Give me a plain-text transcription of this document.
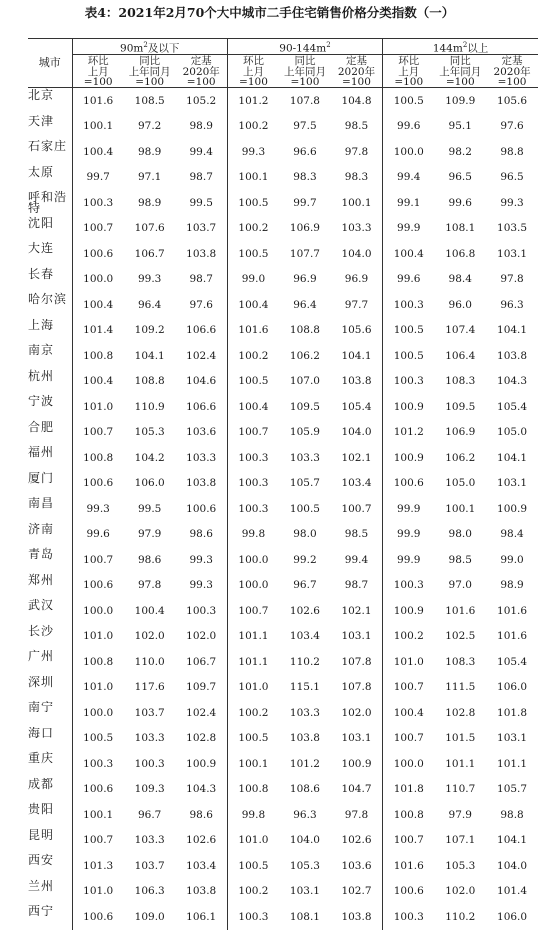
表4：2021年2月70个大中城市二手住宅销售价格分类指数（一）
城市	$90m^2$及以下			$90-144m^2$			$144m^2$以上		
	环比	同比	定基	环比	同比	定基	环比	同比	定基
	上月	上年同月	2020年	上月	上年同月	2020年	上月	上年同月	2020年
	=100	=100	=100	=100	=100	=100	=100	=100	=100
北京	101.6	108.5	105.2	101.2	107.8	104.8	100.5	109.9	105.6
天津	100.1	97.2	98.9	100.2	97.5	98.5	99.6	95.1	97.6
石家庄	100.4	98.9	99.4	99.3	96.6	97.8	100.0	98.2	98.8
太原	99.7	97.1	98.7	100.1	98.3	98.3	99.4	96.5	96.5
呼和浩特	100.3	98.9	99.5	100.5	99.7	100.1	99.1	99.6	99.3
沈阳	100.7	107.6	103.7	100.2	106.9	103.3	99.9	108.1	103.5
大连	100.6	106.7	103.8	100.5	107.7	104.0	100.4	106.8	103.1
长春	100.0	99.3	98.7	99.0	96.9	96.9	99.6	98.4	97.8
哈尔滨	100.4	96.4	97.6	100.4	96.4	97.7	100.3	96.0	96.3
上海	101.4	109.2	106.6	101.6	108.8	105.6	100.5	107.4	104.1
南京	100.8	104.1	102.4	100.2	106.2	104.1	100.5	106.4	103.8
杭州	100.4	108.8	104.6	100.5	107.0	103.8	100.3	108.3	104.3
宁波	101.0	110.9	106.6	100.4	109.5	105.4	100.9	109.5	105.4
合肥	100.7	105.3	103.6	100.7	105.9	104.0	101.2	106.9	105.0
福州	100.8	104.2	103.3	100.3	103.3	102.1	100.9	106.2	104.1
厦门	100.6	106.0	103.8	100.3	105.7	103.4	100.6	105.0	103.1
南昌	99.3	99.5	100.6	100.3	100.5	100.7	99.9	100.1	100.9
济南	99.6	97.9	98.6	99.8	98.0	98.5	99.9	98.0	98.4
青岛	100.7	98.6	99.3	100.0	99.2	99.4	99.9	98.5	99.0
郑州	100.6	97.8	99.3	100.0	96.7	98.7	100.3	97.0	98.9
武汉	100.0	100.4	100.3	100.7	102.6	102.1	100.9	101.6	101.6
长沙	101.0	102.0	102.0	101.1	103.4	103.1	100.2	102.5	101.6
广州	100.8	110.0	106.7	101.1	110.2	107.8	101.0	108.3	105.4
深圳	101.0	117.6	109.7	101.0	115.1	107.8	100.7	111.5	106.0
南宁	100.0	103.7	102.4	100.2	103.3	102.0	100.4	102.8	101.8
海口	100.5	103.3	102.8	100.5	103.8	103.1	100.7	101.5	103.1
重庆	100.3	100.3	100.9	100.1	101.2	100.9	100.0	101.1	101.1
成都	100.6	109.3	104.3	100.8	108.6	104.7	101.8	110.7	105.7
贵阳	100.1	96.7	98.6	99.8	96.3	97.8	100.8	97.9	98.8
昆明	100.7	103.3	102.6	101.0	104.0	102.6	100.7	107.1	104.1
西安	101.3	103.7	103.4	100.5	105.3	103.6	101.6	105.3	104.0
兰州	101.0	106.3	103.8	100.2	103.1	102.7	100.6	102.0	101.4
西宁	100.6	109.0	106.1	100.3	108.1	103.8	100.3	110.2	106.0
